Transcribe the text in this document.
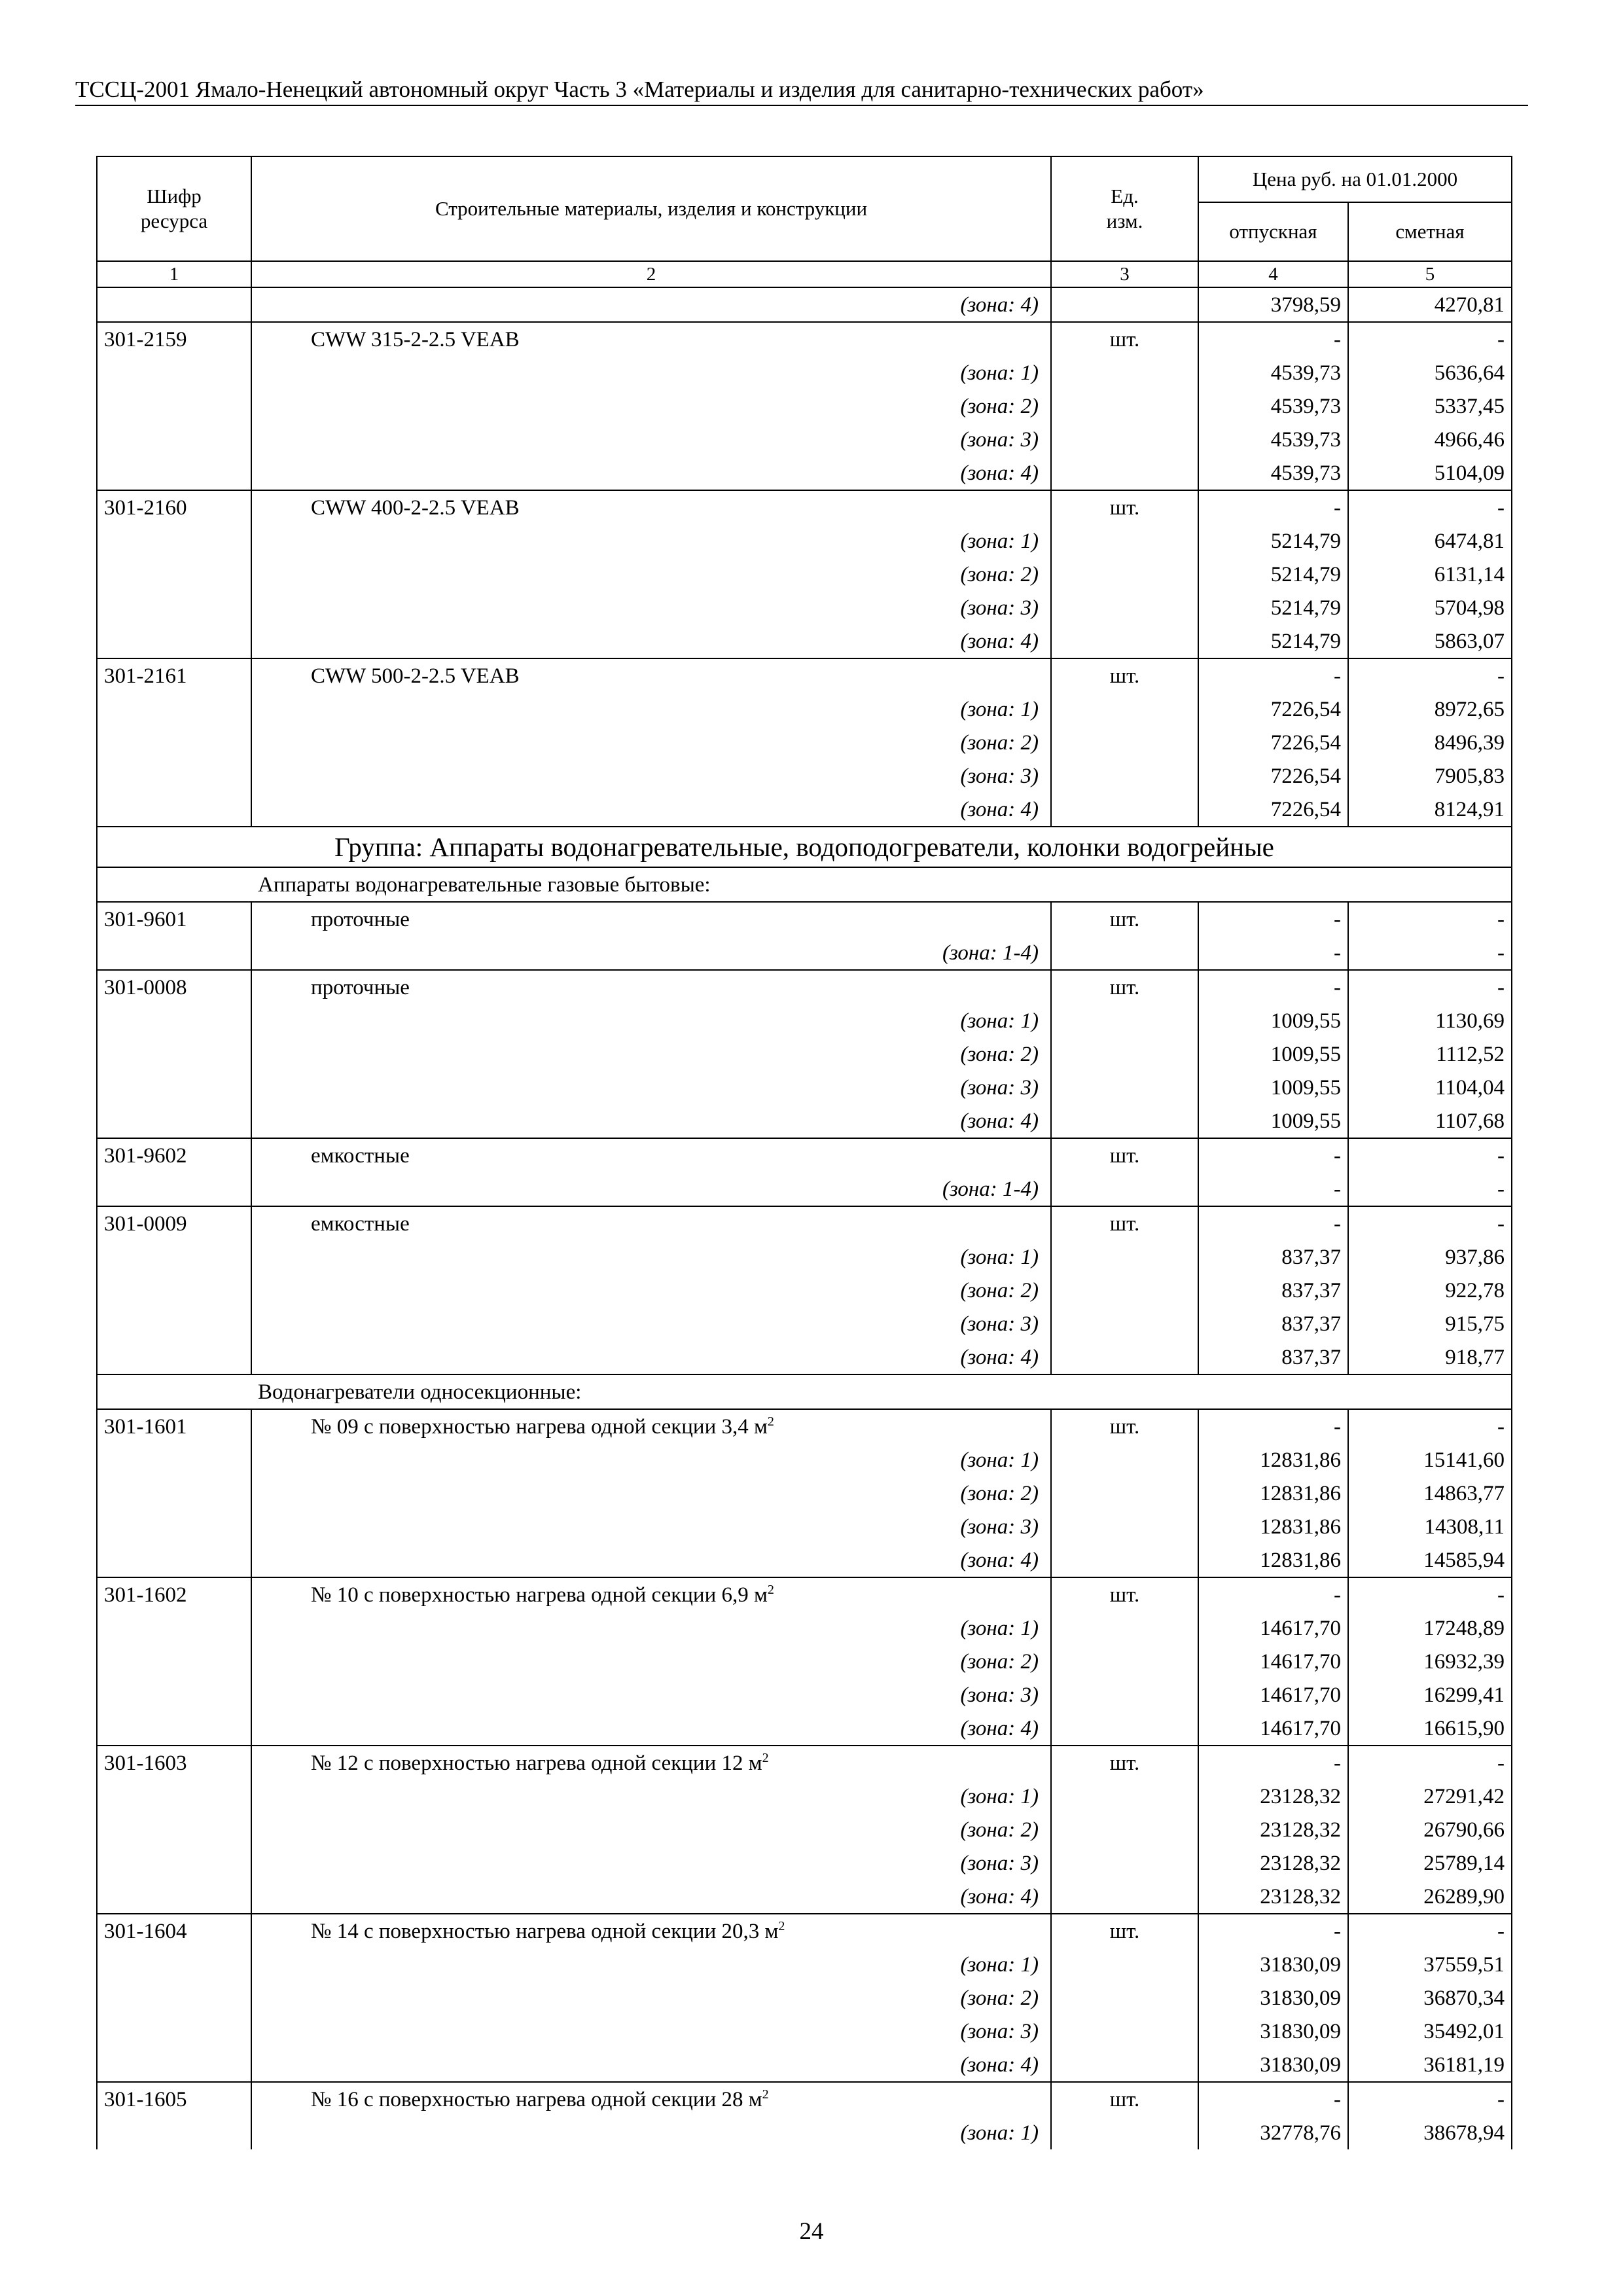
ТССЦ-2001 Ямало-Ненецкий автономный округ Часть 3 «Материалы и изделия для санитарно-технических работ»
Шифр ресурса	Строительные материалы, изделия и конструкции	Ед. изм.	Цена руб. на 01.01.2000	
			отпускная	сметная
1	2	3	4	5
	(зона: 4)		3798,59	4270,81
301-2159	CWW 315-2-2.5 VEAB	шт.	-	-
	(зона: 1)		4539,73	5636,64
	(зона: 2)		4539,73	5337,45
	(зона: 3)		4539,73	4966,46
	(зона: 4)		4539,73	5104,09
301-2160	CWW 400-2-2.5 VEAB	шт.	-	-
	(зона: 1)		5214,79	6474,81
	(зона: 2)		5214,79	6131,14
	(зона: 3)		5214,79	5704,98
	(зона: 4)		5214,79	5863,07
301-2161	CWW 500-2-2.5 VEAB	шт.	-	-
	(зона: 1)		7226,54	8972,65
	(зона: 2)		7226,54	8496,39
	(зона: 3)		7226,54	7905,83
	(зона: 4)		7226,54	8124,91
Группа: Аппараты водонагревательные, водоподогреватели, колонки водогрейные				
Аппараты водонагревательные газовые бытовые:				
301-9601	проточные	шт.	-	-
	(зона: 1-4)		-	-
301-0008	проточные	шт.	-	-
	(зона: 1)		1009,55	1130,69
	(зона: 2)		1009,55	1112,52
	(зона: 3)		1009,55	1104,04
	(зона: 4)		1009,55	1107,68
301-9602	емкостные	шт.	-	-
	(зона: 1-4)		-	-
301-0009	емкостные	шт.	-	-
	(зона: 1)		837,37	937,86
	(зона: 2)		837,37	922,78
	(зона: 3)		837,37	915,75
	(зона: 4)		837,37	918,77
Водонагреватели односекционные:				
301-1601	№ 09 с поверхностью нагрева одной секции 3,4 $м^2$	шт.	-	-
	(зона: 1)		12831,86	15141,60
	(зона: 2)		12831,86	14863,77
	(зона: 3)		12831,86	14308,11
	(зона: 4)		12831,86	14585,94
301-1602	№ 10 с поверхностью нагрева одной секции 6,9 $м^2$	шт.	-	-
	(зона: 1)		14617,70	17248,89
	(зона: 2)		14617,70	16932,39
	(зона: 3)		14617,70	16299,41
	(зона: 4)		14617,70	16615,90
301-1603	№ 12 с поверхностью нагрева одной секции 12 $м^2$	шт.	-	-
	(зона: 1)		23128,32	27291,42
	(зона: 2)		23128,32	26790,66
	(зона: 3)		23128,32	25789,14
	(зона: 4)		23128,32	26289,90
301-1604	№ 14 с поверхностью нагрева одной секции 20,3 $м^2$	шт.	-	-
	(зона: 1)		31830,09	37559,51
	(зона: 2)		31830,09	36870,34
	(зона: 3)		31830,09	35492,01
	(зона: 4)		31830,09	36181,19
301-1605	№ 16 с поверхностью нагрева одной секции 28 $м^2$	шт.	-	-
	(зона: 1)		32778,76	38678,94
24
